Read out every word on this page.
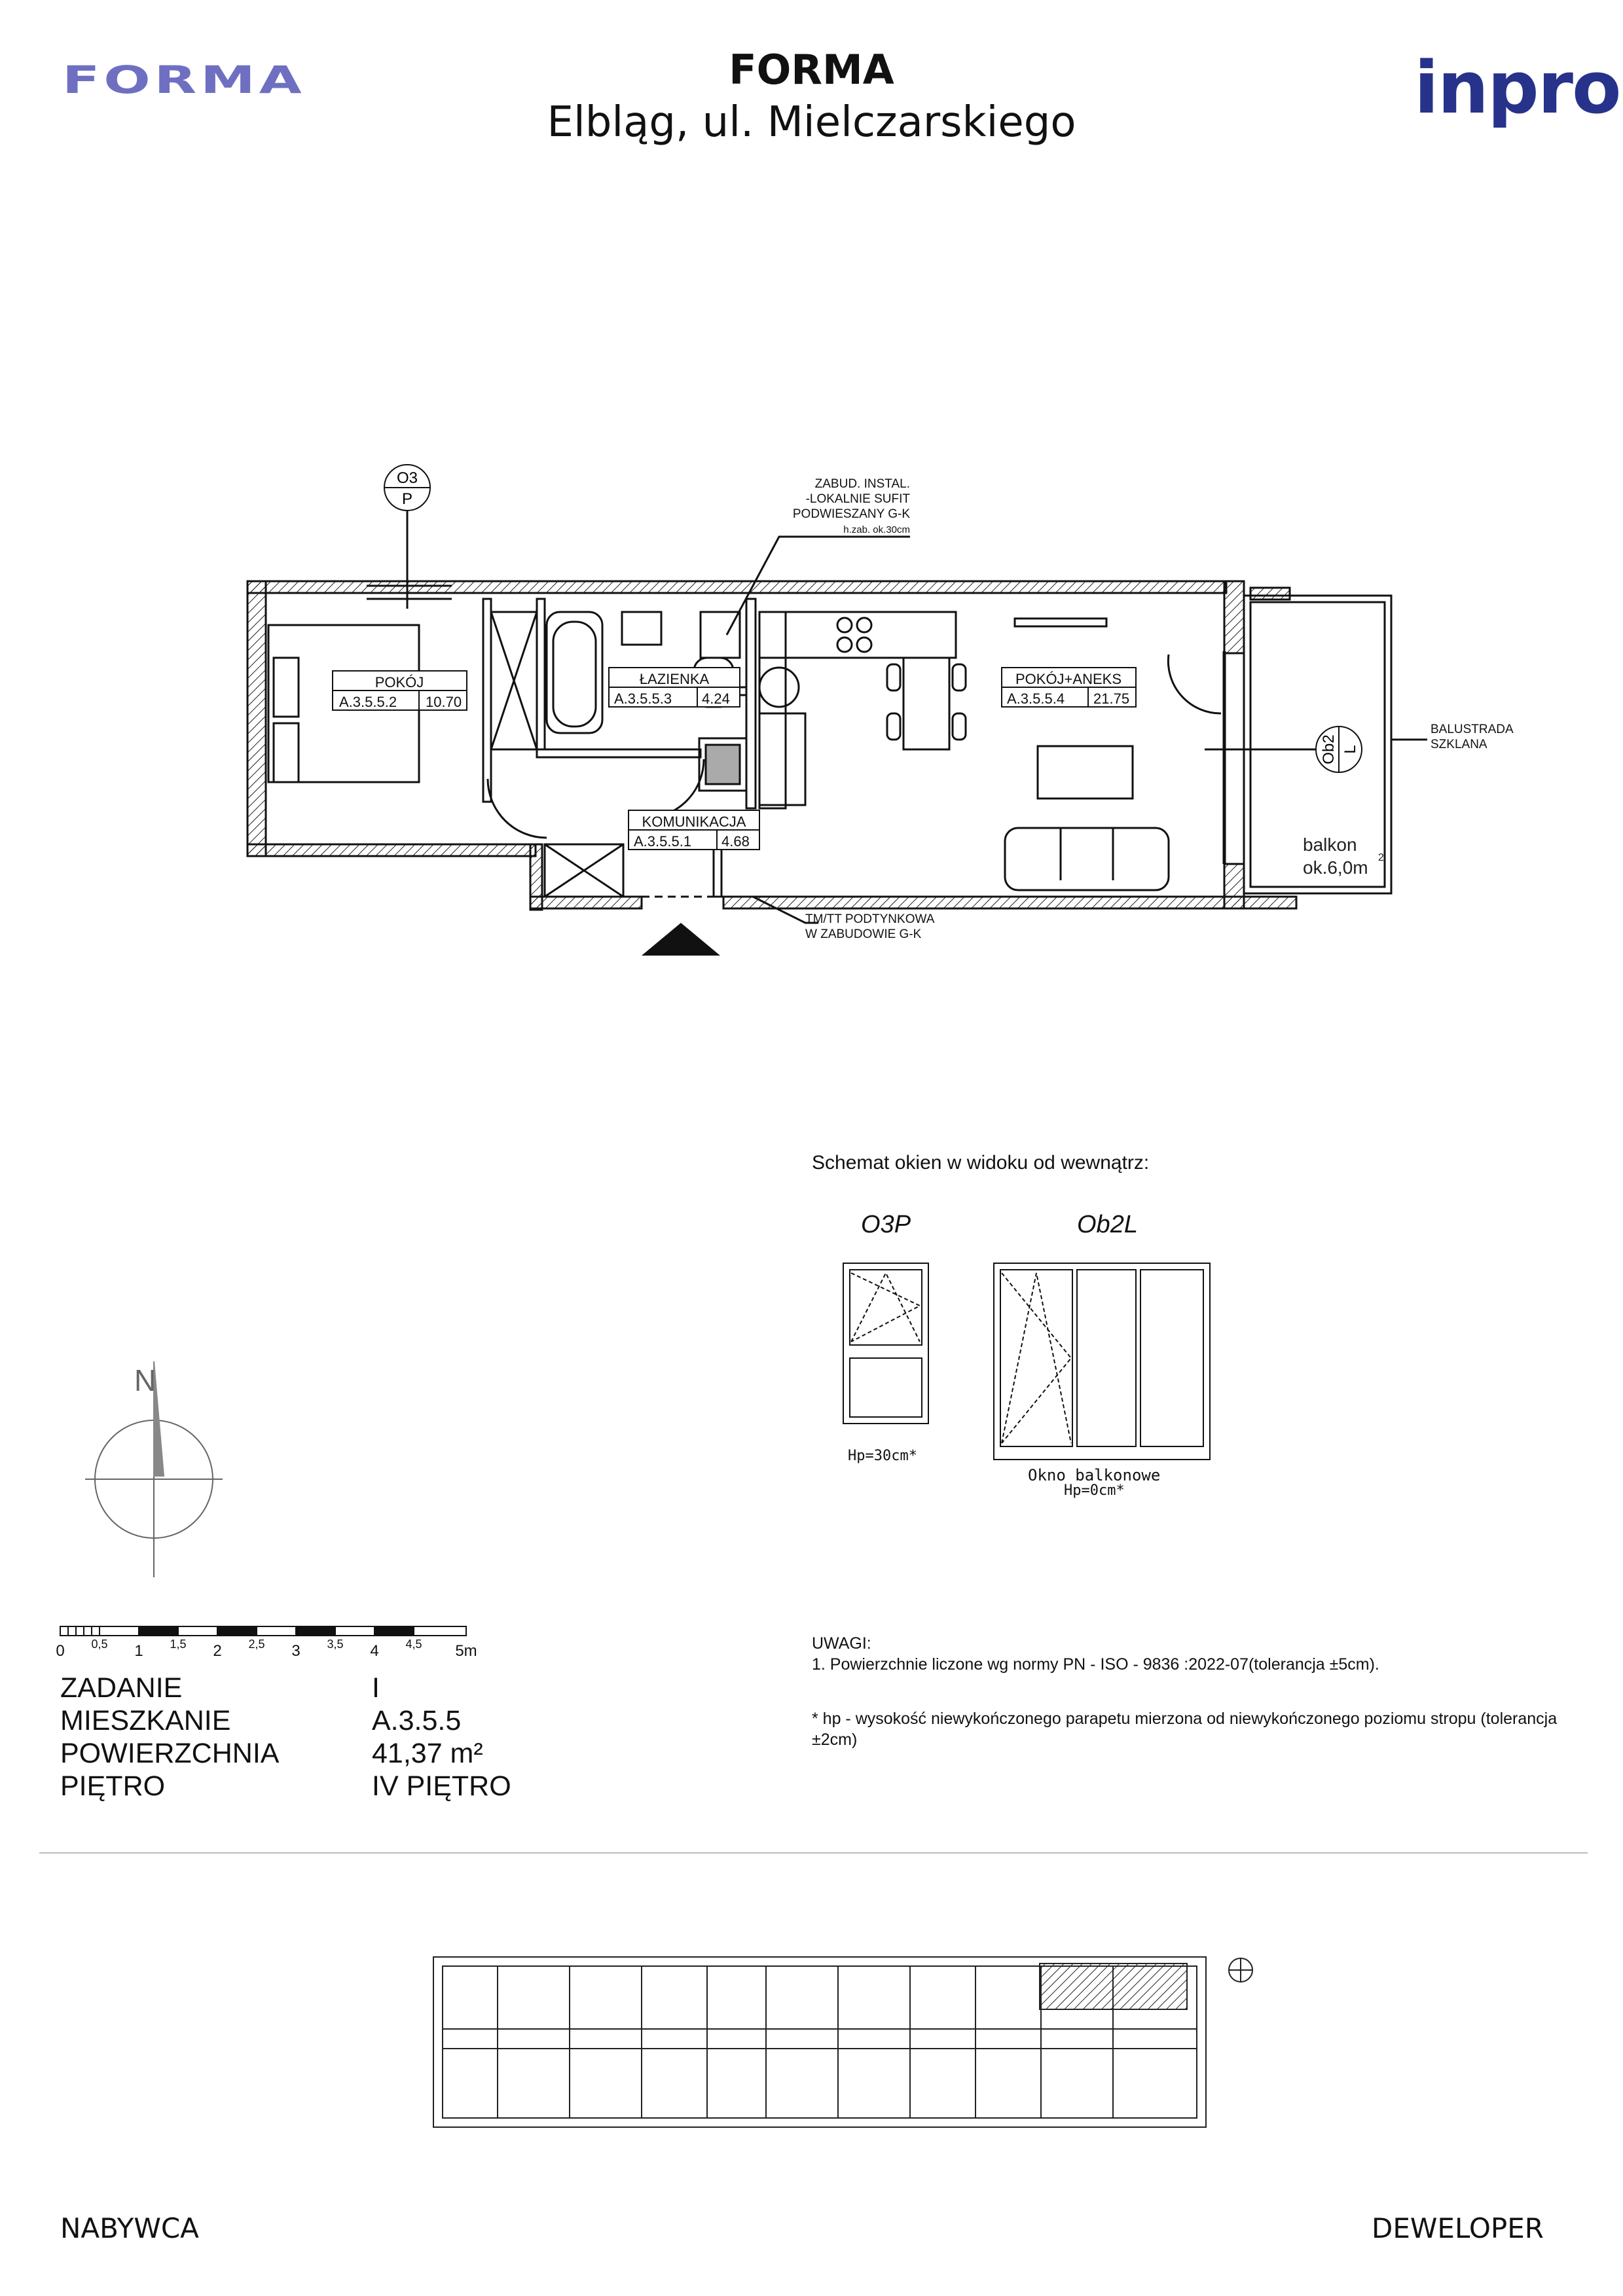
FORMA	inpro
FORMA
Elbląg, ul. Mielczarskiego
POKÓJ
A.3.5.5.2 10.70
ŁAZIENKA
A.3.5.5.3 4.24
POKÓJ+ANEKS
A.3.5.5.4 21.75
KOMUNIKACJA
A.3.5.5.1 4.68
O3
P
Ob2 L
ZABUD. INSTAL.
-LOKALNIE SUFIT
PODWIESZANY G-K
h.zab. ok.30cm
TM/TT PODTYNKOWA
W ZABUDOWIE G-K
BALUSTRADA
SZKLANA
balkon
ok.6,0m 2
N
0	1	2	3	4	5m
0,5	1,5	2,5	3,5	4,5
Schemat okien w widoku od wewnątrz:
O3P	Ob2L
Hp=30cm*
Okno balkonowe
Hp=0cm*
ZADANIE	I
MIESZKANIE	A.3.5.5
POWIERZCHNIA	41,37 m²
PIĘTRO	IV PIĘTRO
UWAGI:
1. Powierzchnie liczone wg normy PN - ISO - 9836 :2022-07(tolerancja ±5cm).
* hp - wysokość niewykończonego parapetu mierzona od niewykończonego poziomu stropu (tolerancja
±2cm)
NABYWCA	DEWELOPER
